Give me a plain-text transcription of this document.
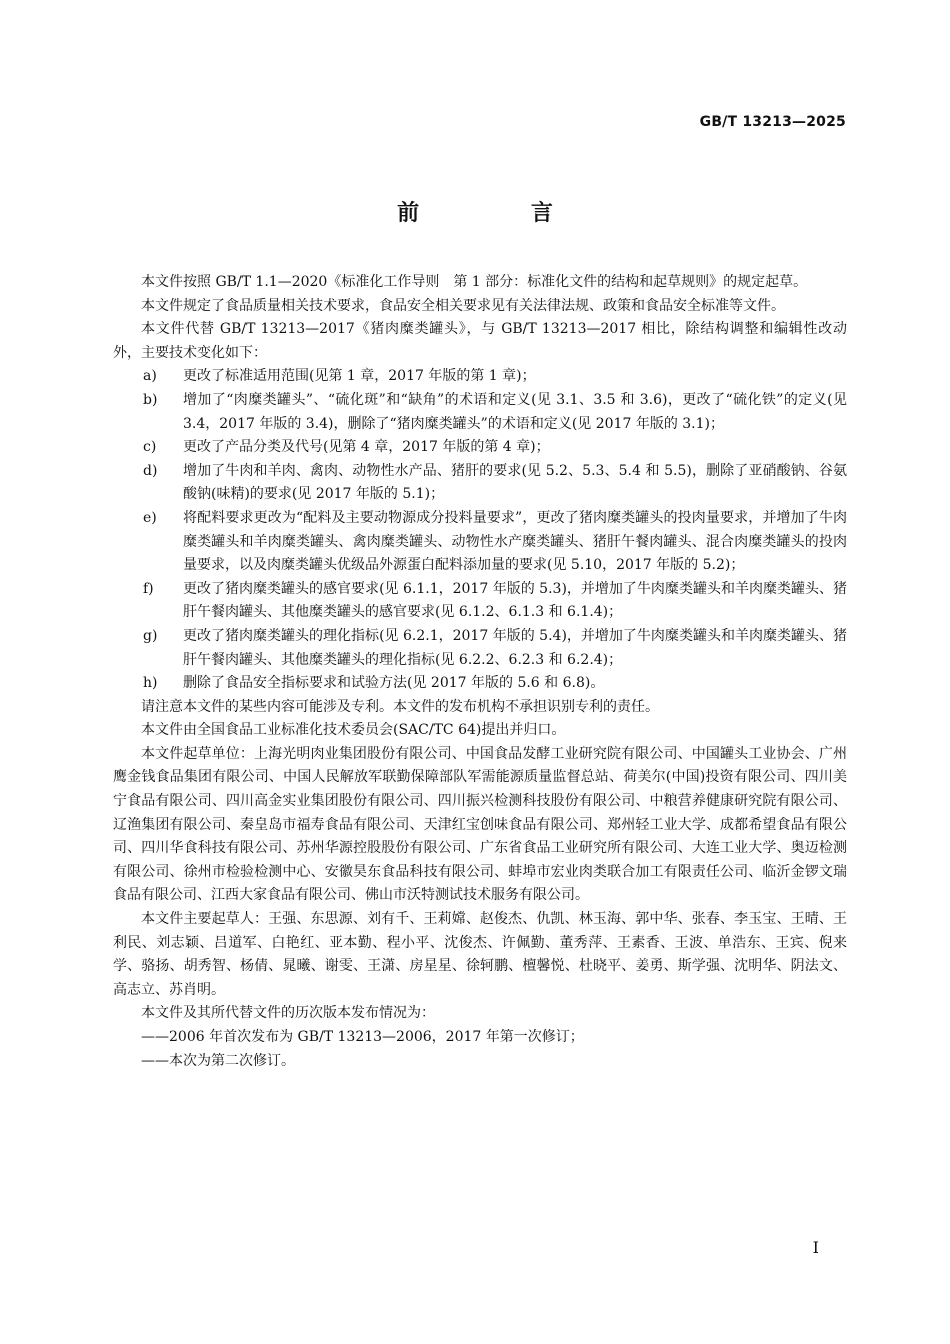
GB/T 13213—2025
前 言

本文件按照 GB/T 1.1—2020《标准化工作导则　第 1 部分：标准化文件的结构和起草规则》的规定起草。

本文件规定了食品质量相关技术要求，食品安全相关要求见有关法律法规、政策和食品安全标准等文件。

本文件代替 GB/T 13213—2017《猪肉糜类罐头》，与 GB/T 13213—2017 相比，除结构调整和编辑性改动外，主要技术变化如下：

a)	更改了标准适用范围(见第 1 章，2017 年版的第 1 章)；
b)	增加了“肉糜类罐头”、“硫化斑”和“缺角”的术语和定义(见 3.1、3.5 和 3.6)，更改了“硫化铁”的定义(见 3.4，2017 年版的 3.4)，删除了“猪肉糜类罐头”的术语和定义(见 2017 年版的 3.1)；
c)	更改了产品分类及代号(见第 4 章，2017 年版的第 4 章)；
d)	增加了牛肉和羊肉、禽肉、动物性水产品、猪肝的要求(见 5.2、5.3、5.4 和 5.5)，删除了亚硝酸钠、谷氨酸钠(味精)的要求(见 2017 年版的 5.1)；
e)	将配料要求更改为“配料及主要动物源成分投料量要求”，更改了猪肉糜类罐头的投肉量要求，并增加了牛肉糜类罐头和羊肉糜类罐头、禽肉糜类罐头、动物性水产糜类罐头、猪肝午餐肉罐头、混合肉糜类罐头的投肉量要求，以及肉糜类罐头优级品外源蛋白配料添加量的要求(见 5.10，2017 年版的 5.2)；
f)	更改了猪肉糜类罐头的感官要求(见 6.1.1，2017 年版的 5.3)，并增加了牛肉糜类罐头和羊肉糜类罐头、猪肝午餐肉罐头、其他糜类罐头的感官要求(见 6.1.2、6.1.3 和 6.1.4)；
g)	更改了猪肉糜类罐头的理化指标(见 6.2.1，2017 年版的 5.4)，并增加了牛肉糜类罐头和羊肉糜类罐头、猪肝午餐肉罐头、其他糜类罐头的理化指标(见 6.2.2、6.2.3 和 6.2.4)；
h)	删除了食品安全指标要求和试验方法(见 2017 年版的 5.6 和 6.8)。

请注意本文件的某些内容可能涉及专利。本文件的发布机构不承担识别专利的责任。

本文件由全国食品工业标准化技术委员会(SAC/TC 64)提出并归口。

本文件起草单位：上海光明肉业集团股份有限公司、中国食品发酵工业研究院有限公司、中国罐头工业协会、广州鹰金钱食品集团有限公司、中国人民解放军联勤保障部队军需能源质量监督总站、荷美尔(中国)投资有限公司、四川美宁食品有限公司、四川高金实业集团股份有限公司、四川振兴检测科技股份有限公司、中粮营养健康研究院有限公司、辽渔集团有限公司、秦皇岛市福寿食品有限公司、天津红宝创味食品有限公司、郑州轻工业大学、成都希望食品有限公司、四川华食科技有限公司、苏州华源控股股份有限公司、广东省食品工业研究所有限公司、大连工业大学、奥迈检测有限公司、徐州市检验检测中心、安徽昊东食品科技有限公司、蚌埠市宏业肉类联合加工有限责任公司、临沂金锣文瑞食品有限公司、江西大家食品有限公司、佛山市沃特测试技术服务有限公司。

本文件主要起草人：王强、东思源、刘有千、王莉嫦、赵俊杰、仇凯、林玉海、郭中华、张春、李玉宝、王晴、王利民、刘志颖、吕道军、白艳红、亚本勤、程小平、沈俊杰、许佩勤、董秀萍、王素香、王波、单浩东、王宾、倪来学、骆扬、胡秀智、杨倩、晁曦、谢雯、王潇、房星星、徐轲鹏、檀馨悦、杜晓平、姜勇、斯学强、沈明华、阴法文、高志立、苏肖明。

本文件及其所代替文件的历次版本发布情况为：

——2006 年首次发布为 GB/T 13213—2006，2017 年第一次修订；

——本次为第二次修订。

I
